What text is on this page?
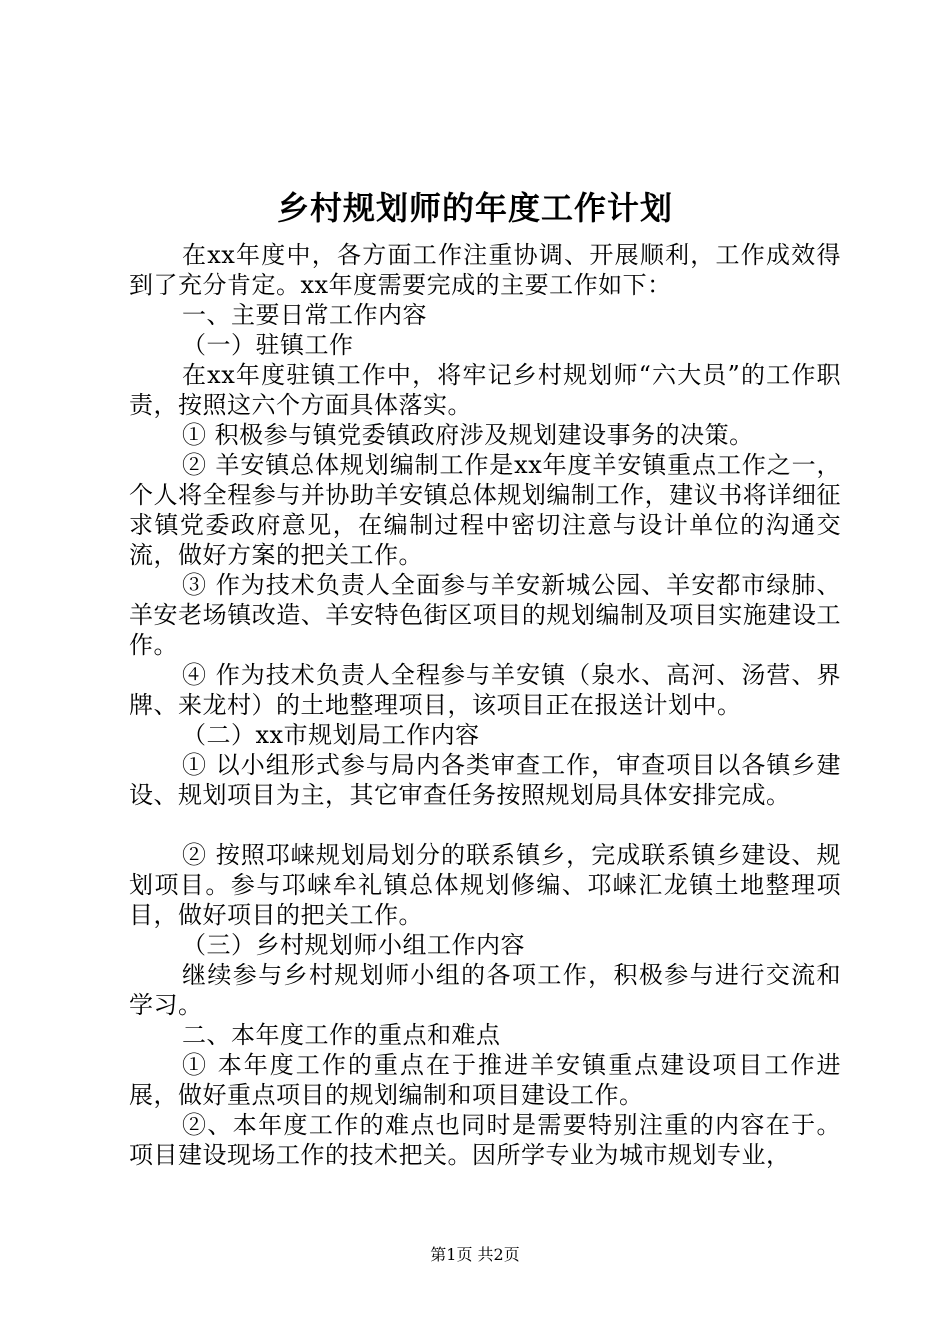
乡村规划师的年度工作计划

在xx年度中，各方面工作注重协调、开展顺利，工作成效得到了充分肯定。xx年度需要完成的主要工作如下：

一、主要日常工作内容

（一）驻镇工作

在xx年度驻镇工作中，将牢记乡村规划师“六大员”的工作职责，按照这六个方面具体落实。

① 积极参与镇党委镇政府涉及规划建设事务的决策。

② 羊安镇总体规划编制工作是xx年度羊安镇重点工作之一，个人将全程参与并协助羊安镇总体规划编制工作，建议书将详细征求镇党委政府意见，在编制过程中密切注意与设计单位的沟通交流，做好方案的把关工作。

③ 作为技术负责人全面参与羊安新城公园、羊安都市绿肺、羊安老场镇改造、羊安特色街区项目的规划编制及项目实施建设工作。

④ 作为技术负责人全程参与羊安镇（泉水、高河、汤营、界牌、来龙村）的土地整理项目，该项目正在报送计划中。

（二）xx市规划局工作内容

① 以小组形式参与局内各类审查工作，审查项目以各镇乡建设、规划项目为主，其它审查任务按照规划局具体安排完成。

② 按照邛崃规划局划分的联系镇乡，完成联系镇乡建设、规划项目。参与邛崃牟礼镇总体规划修编、邛崃汇龙镇土地整理项目，做好项目的把关工作。

（三）乡村规划师小组工作内容

继续参与乡村规划师小组的各项工作，积极参与进行交流和学习。

二、本年度工作的重点和难点

① 本年度工作的重点在于推进羊安镇重点建设项目工作进展，做好重点项目的规划编制和项目建设工作。

②、本年度工作的难点也同时是需要特别注重的内容在于。项目建设现场工作的技术把关。因所学专业为城市规划专业，

第1页 共2页
